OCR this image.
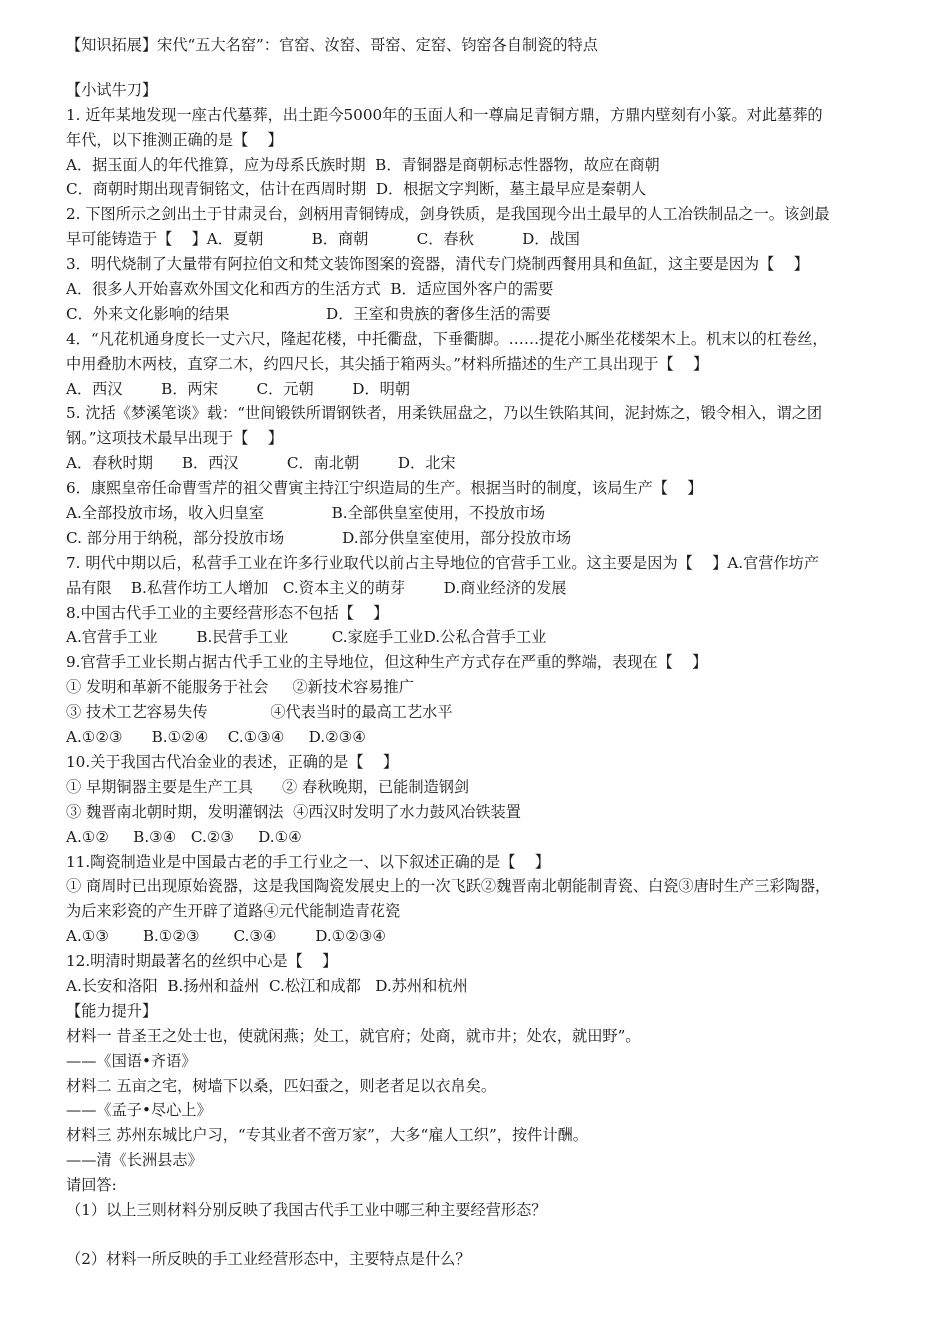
【知识拓展】宋代“五大名窑”：官窑、汝窑、哥窑、定窑、钧窑各自制瓷的特点
【小试牛刀】
1. 近年某地发现一座古代墓葬，出土距今5000年的玉面人和一尊扁足青铜方鼎，方鼎内壁刻有小篆。对此墓葬的
年代，以下推测正确的是【    】
A．据玉面人的年代推算，应为母系氏族时期  B．青铜器是商朝标志性器物，故应在商朝
C．商朝时期出现青铜铭文，估计在西周时期  D．根据文字判断，墓主最早应是秦朝人
2. 下图所示之剑出土于甘肃灵台，剑柄用青铜铸成，剑身铁质，是我国现今出土最早的人工冶铁制品之一。该剑最
早可能铸造于【    】A．夏朝          B．商朝          C．春秋          D．战国
3．明代烧制了大量带有阿拉伯文和梵文装饰图案的瓷器，清代专门烧制西餐用具和鱼缸，这主要是因为【    】
A．很多人开始喜欢外国文化和西方的生活方式  B．适应国外客户的需要
C．外来文化影响的结果                    D．王室和贵族的奢侈生活的需要
4．“凡花机通身度长一丈六尺，隆起花楼，中托衢盘，下垂衢脚。……提花小厮坐花楼架木上。机末以的杠卷丝，
中用叠肋木两枝，直穿二木，约四尺长，其尖插于箱两头。”材料所描述的生产工具出现于【    】
A．西汉        B．两宋        C．元朝        D．明朝
5. 沈括《梦溪笔谈》载：“世间锻铁所谓钢铁者，用柔铁屈盘之，乃以生铁陷其间，泥封炼之，锻令相入，谓之团
钢。”这项技术最早出现于【    】
A．春秋时期      B．西汉          C．南北朝        D．北宋
6．康熙皇帝任命曹雪芹的祖父曹寅主持江宁织造局的生产。根据当时的制度，该局生产【    】
A.全部投放市场，收入归皇室              B.全部供皇室使用，不投放市场
C. 部分用于纳税，部分投放市场            D.部分供皇室使用，部分投放市场
7. 明代中期以后，私营手工业在许多行业取代以前占主导地位的官营手工业。这主要是因为【    】A.官营作坊产
品有限    B.私营作坊工人增加   C.资本主义的萌芽        D.商业经济的发展
8.中国古代手工业的主要经营形态不包括【    】
A.官营手工业        B.民营手工业         C.家庭手工业D.公私合营手工业
9.官营手工业长期占据古代手工业的主导地位，但这种生产方式存在严重的弊端，表现在【    】
① 发明和革新不能服务于社会     ②新技术容易推广
③ 技术工艺容易失传             ④代表当时的最高工艺水平
A.①②③      B.①②④    C.①③④     D.②③④
10.关于我国古代冶金业的表述，正确的是【    】
① 早期铜器主要是生产工具      ② 春秋晚期，已能制造钢剑
③ 魏晋南北朝时期，发明灌钢法  ④西汉时发明了水力鼓风冶铁装置
A.①②     B.③④   C.②③     D.①④
11.陶瓷制造业是中国最古老的手工行业之一、以下叙述正确的是【    】
① 商周时已出现原始瓷器，这是我国陶瓷发展史上的一次飞跃②魏晋南北朝能制青瓷、白瓷③唐时生产三彩陶器，
为后来彩瓷的产生开辟了道路④元代能制造青花瓷
A.①③       B.①②③       C.③④        D.①②③④
12.明清时期最著名的丝织中心是【    】
A.长安和洛阳  B.扬州和益州  C.松江和成都   D.苏州和杭州
【能力提升】
材料一 昔圣王之处士也，使就闲燕；处工，就官府；处商，就市井；处农，就田野”。
——《国语•齐语》
材料二 五亩之宅，树墙下以桑，匹妇蚕之，则老者足以衣帛矣。
——《孟子•尽心上》
材料三 苏州东城比户习，“专其业者不啻万家”，大多“雇人工织”，按件计酬。
——清《长洲县志》
请回答:
（1）以上三则材料分别反映了我国古代手工业中哪三种主要经营形态？
（2）材料一所反映的手工业经营形态中，主要特点是什么？
